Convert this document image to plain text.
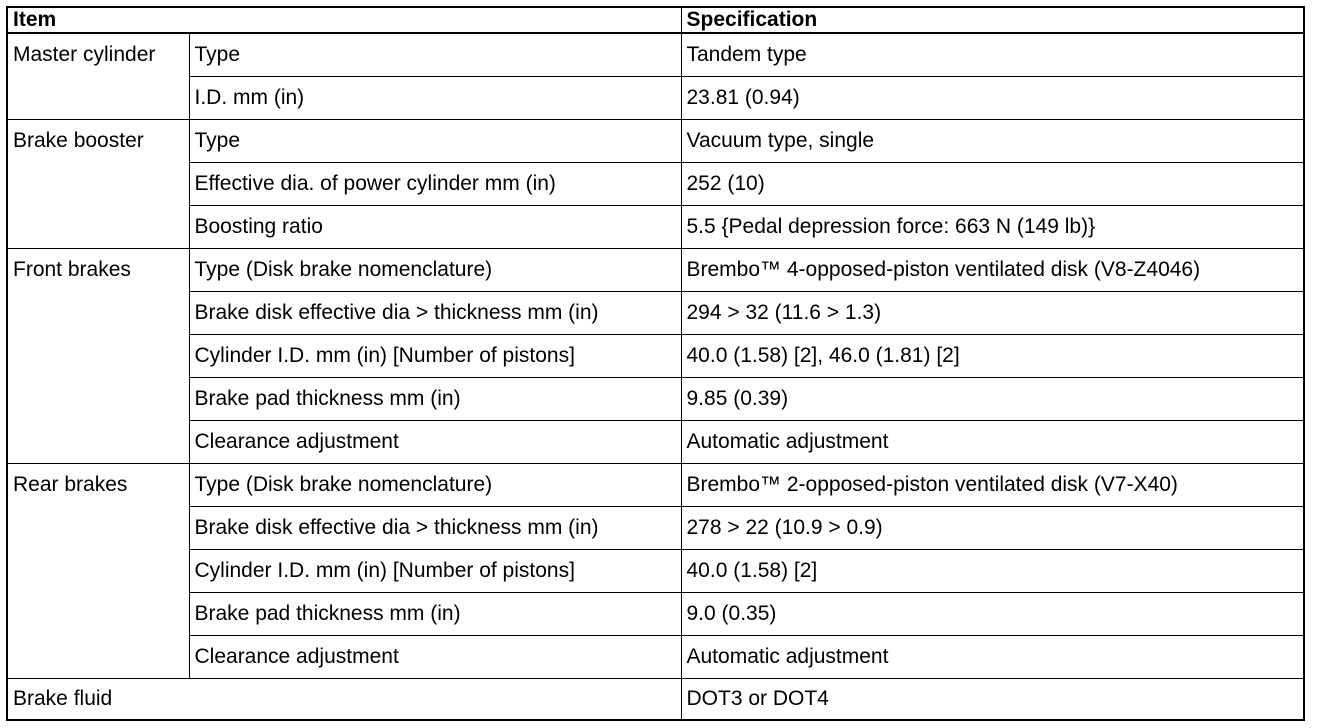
Item		Specification
Master cylinder	Type	Tandem type
	I.D. mm (in)	23.81 (0.94)
Brake booster	Type	Vacuum type, single
	Effective dia. of power cylinder mm (in)	252 (10)
	Boosting ratio	5.5 {Pedal depression force: 663 N (149 lb)}
Front brakes	Type (Disk brake nomenclature)	Brembo™ 4-opposed-piston ventilated disk (V8-Z4046)
	Brake disk effective dia > thickness mm (in)	294 > 32 (11.6 > 1.3)
	Cylinder I.D. mm (in) [Number of pistons]	40.0 (1.58) [2], 46.0 (1.81) [2]
	Brake pad thickness mm (in)	9.85 (0.39)
	Clearance adjustment	Automatic adjustment
Rear brakes	Type (Disk brake nomenclature)	Brembo™ 2-opposed-piston ventilated disk (V7-X40)
	Brake disk effective dia > thickness mm (in)	278 > 22 (10.9 > 0.9)
	Cylinder I.D. mm (in) [Number of pistons]	40.0 (1.58) [2]
	Brake pad thickness mm (in)	9.0 (0.35)
	Clearance adjustment	Automatic adjustment
Brake fluid		DOT3 or DOT4
